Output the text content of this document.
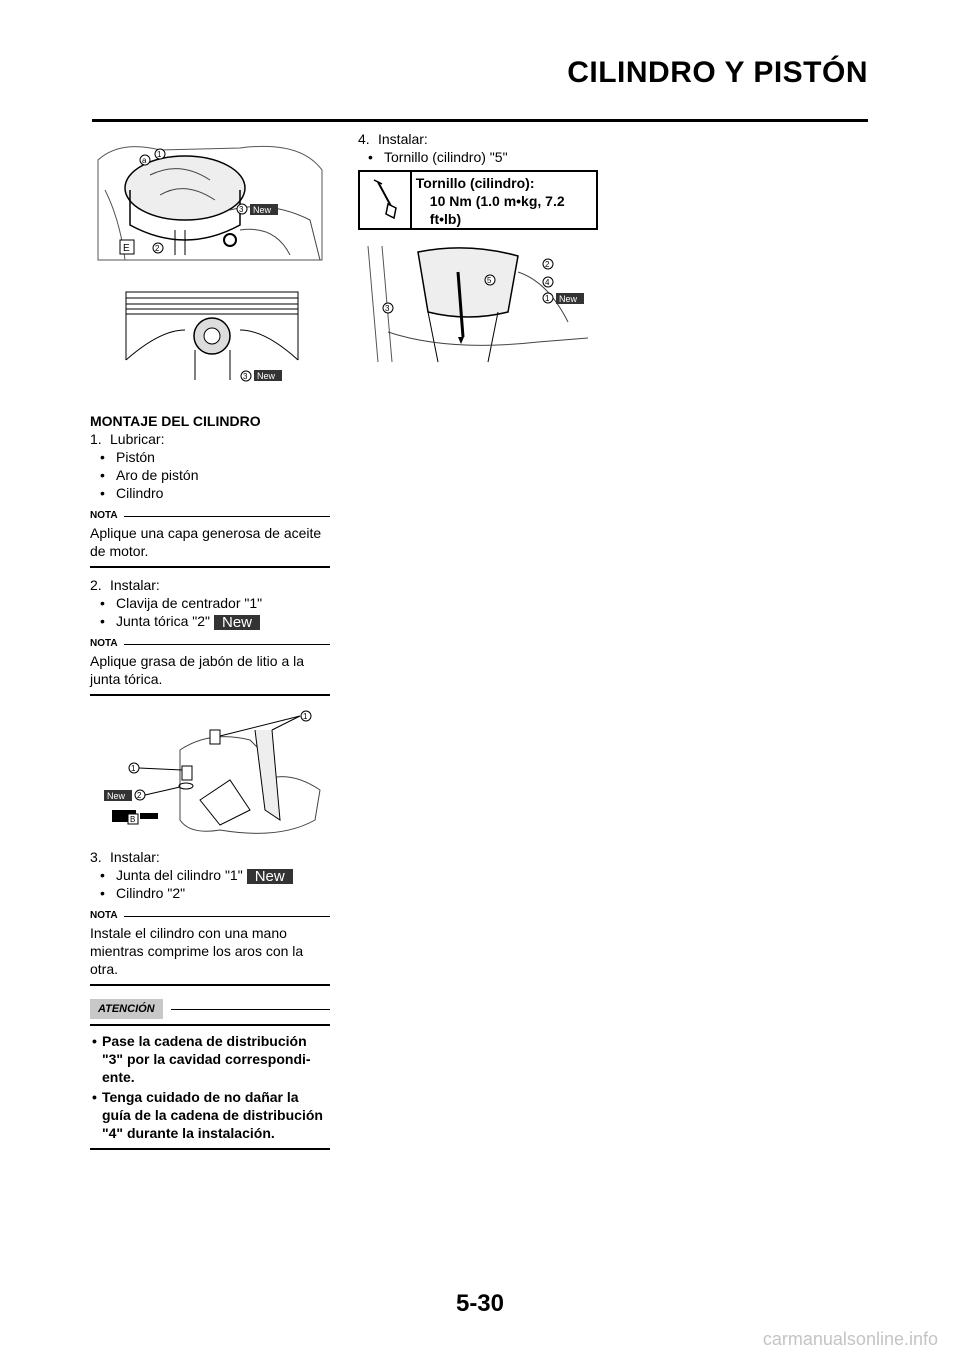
CILINDRO Y PISTÓN
E
a
1
3 New
2
3 New
MONTAJE DEL CILINDRO
1. Lubricar:
• Pistón
• Aro de pistón
• Cilindro
NOTA
Aplique una capa generosa de aceite de motor.
2. Instalar:
• Clavija de centrador "1"
• Junta tórica "2" New
NOTA
Aplique grasa de jabón de litio a la junta tórica.
1
1
New 2
B
3. Instalar:
• Junta del cilindro "1" New
• Cilindro "2"
NOTA
Instale el cilindro con una mano mientras comprime los aros con la otra.
ATENCIÓN
• Pase la cadena de distribución "3" por la cavidad correspondi-ente.
• Tenga cuidado de no dañar la guía de la cadena de distribución "4" durante la instalación.
4. Instalar:
• Tornillo (cilindro) "5"
Tornillo (cilindro):
10 Nm (1.0 m•kg, 7.2 ft•lb)
2
5	4
1 New
3
5-30
carmanualsonline.info
